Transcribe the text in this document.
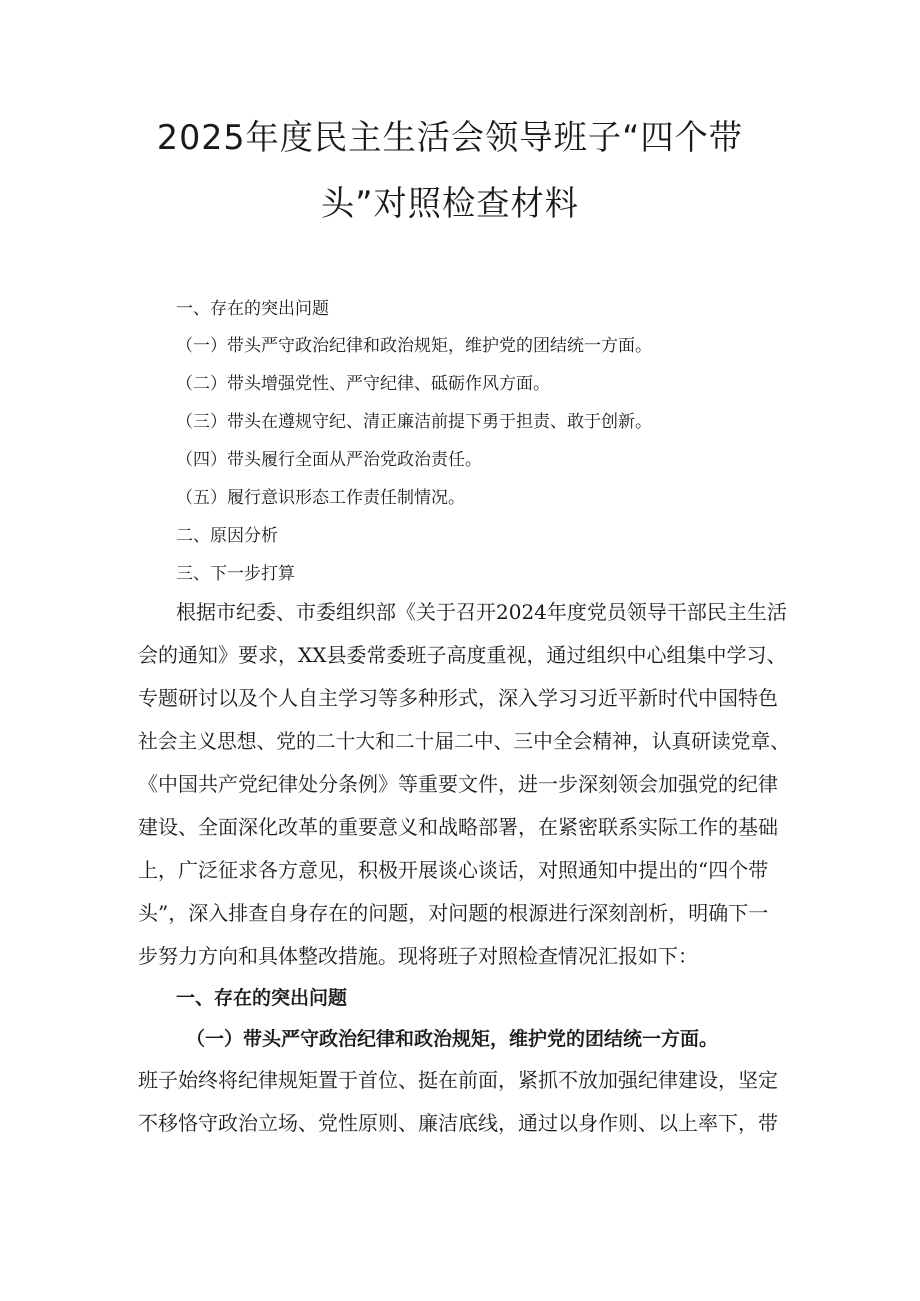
2025年度民主生活会领导班子“四个带
头”对照检查材料

一、存在的突出问题

（一）带头严守政治纪律和政治规矩，维护党的团结统一方面。

（二）带头增强党性、严守纪律、砥砺作风方面。

（三）带头在遵规守纪、清正廉洁前提下勇于担责、敢于创新。

（四）带头履行全面从严治党政治责任。

（五）履行意识形态工作责任制情况。

二、原因分析

三、下一步打算

根据市纪委、市委组织部《关于召开2024年度党员领导干部民主生活

会的通知》要求，XX县委常委班子高度重视，通过组织中心组集中学习、

专题研讨以及个人自主学习等多种形式，深入学习习近平新时代中国特色

社会主义思想、党的二十大和二十届二中、三中全会精神，认真研读党章、

《中国共产党纪律处分条例》等重要文件，进一步深刻领会加强党的纪律

建设、全面深化改革的重要意义和战略部署，在紧密联系实际工作的基础

上，广泛征求各方意见，积极开展谈心谈话，对照通知中提出的“四个带

头”，深入排查自身存在的问题，对问题的根源进行深刻剖析，明确下一

步努力方向和具体整改措施。现将班子对照检查情况汇报如下：

一、存在的突出问题

（一）带头严守政治纪律和政治规矩，维护党的团结统一方面。

班子始终将纪律规矩置于首位、挺在前面，紧抓不放加强纪律建设，坚定

不移恪守政治立场、党性原则、廉洁底线，通过以身作则、以上率下，带
